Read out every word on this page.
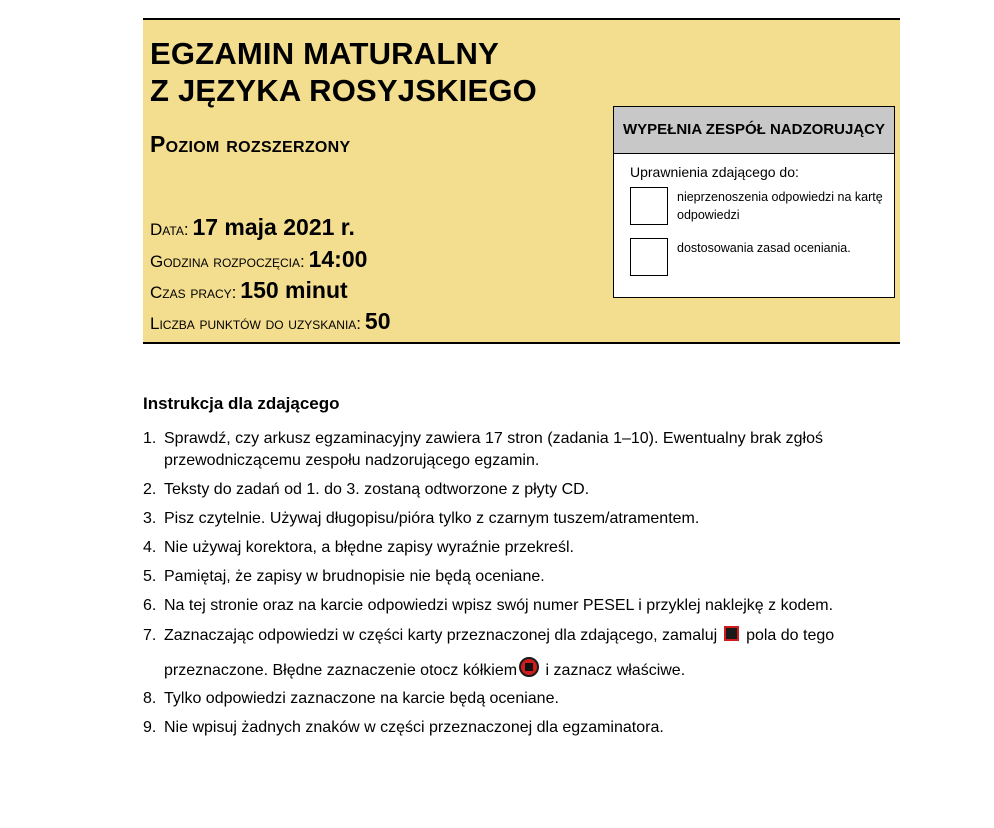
EGZAMIN MATURALNY
Z JĘZYKA ROSYJSKIEGO
Poziom rozszerzony
Data: 17 maja 2021 r.
Godzina rozpoczęcia: 14:00
Czas pracy: 150 minut
Liczba punktów do uzyskania: 50
WYPEŁNIA ZESPÓŁ NADZORUJĄCY
Uprawnienia zdającego do:
nieprzenoszenia odpowiedzi na kartę odpowiedzi
dostosowania zasad oceniania.
Instrukcja dla zdającego
1. Sprawdź, czy arkusz egzaminacyjny zawiera 17 stron (zadania 1–10). Ewentualny brak zgłoś przewodniczącemu zespołu nadzorującego egzamin.
2. Teksty do zadań od 1. do 3. zostaną odtworzone z płyty CD.
3. Pisz czytelnie. Używaj długopisu/pióra tylko z czarnym tuszem/atramentem.
4. Nie używaj korektora, a błędne zapisy wyraźnie przekreśl.
5. Pamiętaj, że zapisy w brudnopisie nie będą oceniane.
6. Na tej stronie oraz na karcie odpowiedzi wpisz swój numer PESEL i przyklej naklejkę z kodem.
7. Zaznaczając odpowiedzi w części karty przeznaczonej dla zdającego, zamaluj pola do tego przeznaczone. Błędne zaznaczenie otocz kółkiem i zaznacz właściwe.
8. Tylko odpowiedzi zaznaczone na karcie będą oceniane.
9. Nie wpisuj żadnych znaków w części przeznaczonej dla egzaminatora.
